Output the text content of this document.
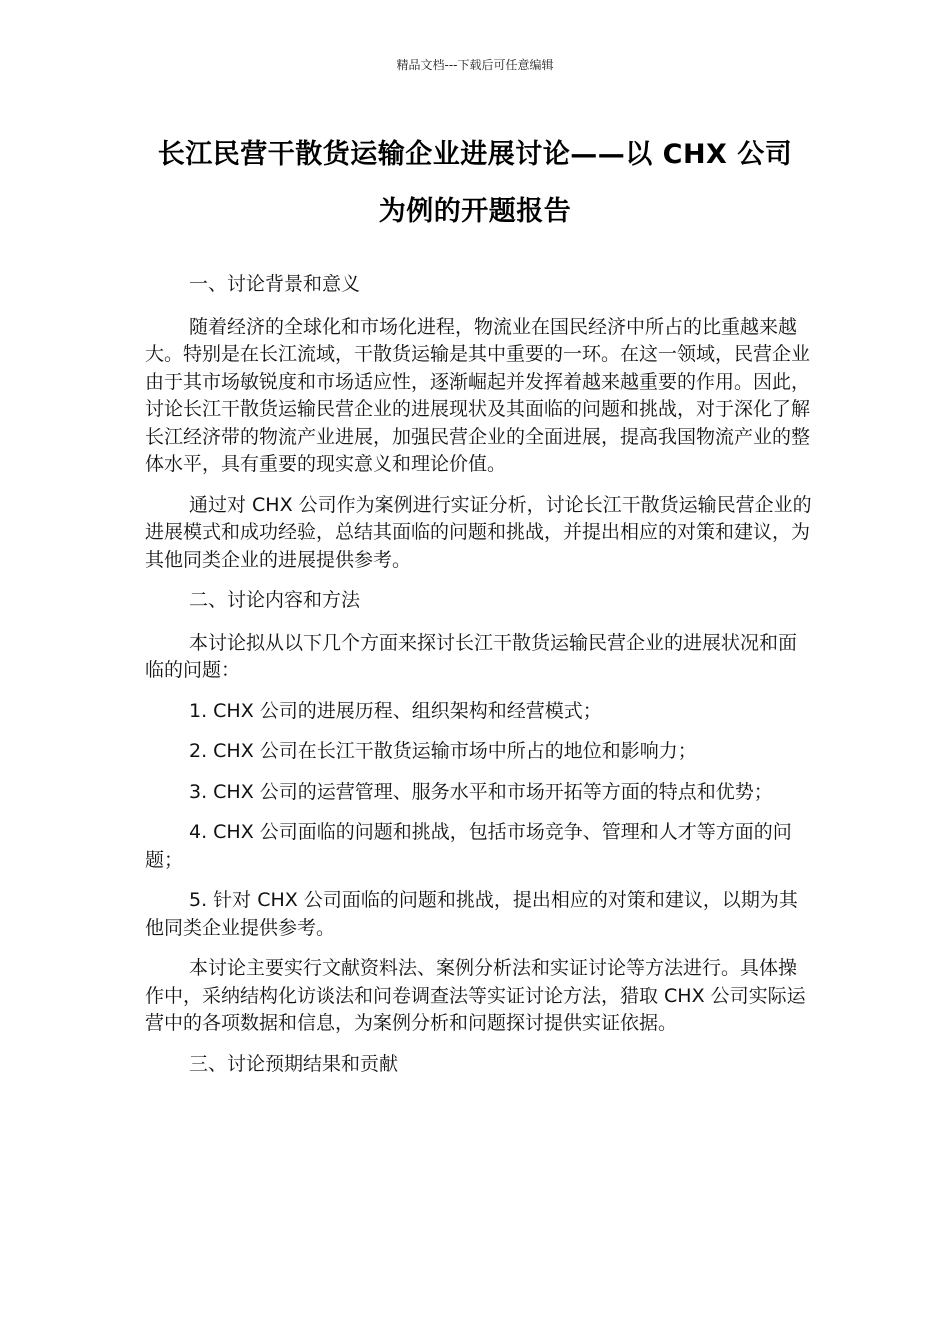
精品文档---下载后可任意编辑
长江民营干散货运输企业进展讨论——以 CHX 公司
为例的开题报告

一、讨论背景和意义

随着经济的全球化和市场化进程，物流业在国民经济中所占的比重越来越大。特别是在长江流域，干散货运输是其中重要的一环。在这一领域，民营企业由于其市场敏锐度和市场适应性，逐渐崛起并发挥着越来越重要的作用。因此，讨论长江干散货运输民营企业的进展现状及其面临的问题和挑战，对于深化了解长江经济带的物流产业进展，加强民营企业的全面进展，提高我国物流产业的整体水平，具有重要的现实意义和理论价值。

通过对 CHX 公司作为案例进行实证分析，讨论长江干散货运输民营企业的进展模式和成功经验，总结其面临的问题和挑战，并提出相应的对策和建议，为其他同类企业的进展提供参考。

二、讨论内容和方法

本讨论拟从以下几个方面来探讨长江干散货运输民营企业的进展状况和面临的问题：

1. CHX 公司的进展历程、组织架构和经营模式；

2. CHX 公司在长江干散货运输市场中所占的地位和影响力；

3. CHX 公司的运营管理、服务水平和市场开拓等方面的特点和优势；

4. CHX 公司面临的问题和挑战，包括市场竞争、管理和人才等方面的问题；

5. 针对 CHX 公司面临的问题和挑战，提出相应的对策和建议，以期为其他同类企业提供参考。

本讨论主要实行文献资料法、案例分析法和实证讨论等方法进行。具体操作中，采纳结构化访谈法和问卷调查法等实证讨论方法，猎取 CHX 公司实际运营中的各项数据和信息，为案例分析和问题探讨提供实证依据。

三、讨论预期结果和贡献
